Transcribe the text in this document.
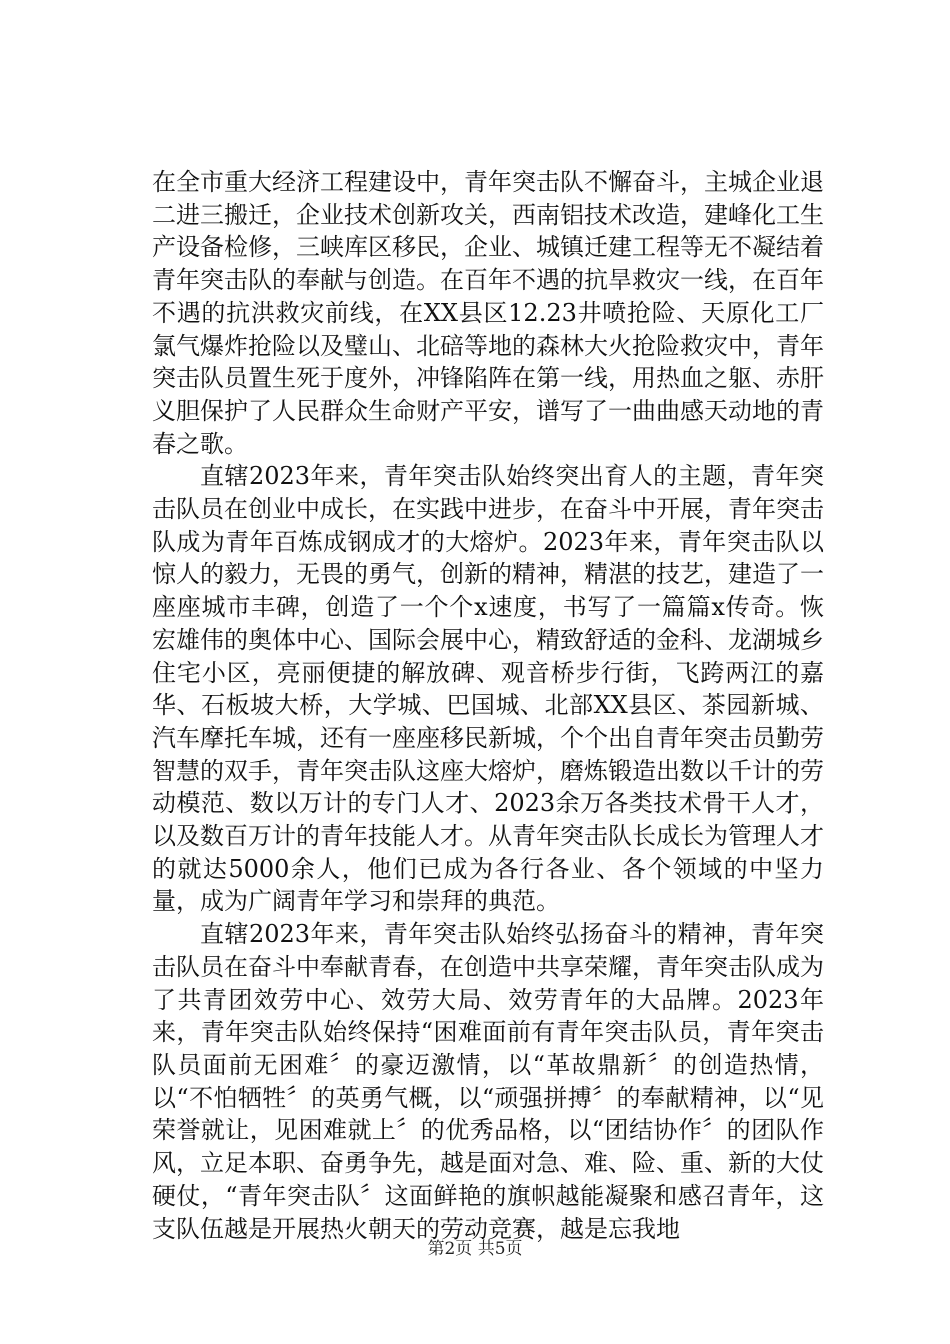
在全市重大经济工程建设中，青年突击队不懈奋斗，主城企业退二进三搬迁，企业技术创新攻关，西南铝技术改造，建峰化工生产设备检修，三峡库区移民，企业、城镇迁建工程等无不凝结着青年突击队的奉献与创造。在百年不遇的抗旱救灾一线，在百年不遇的抗洪救灾前线，在XX县区12.23井喷抢险、天原化工厂氯气爆炸抢险以及璧山、北碚等地的森林大火抢险救灾中，青年突击队员置生死于度外，冲锋陷阵在第一线，用热血之躯、赤肝义胆保护了人民群众生命财产平安，谱写了一曲曲感天动地的青春之歌。

直辖2023年来，青年突击队始终突出育人的主题，青年突击队员在创业中成长，在实践中进步，在奋斗中开展，青年突击队成为青年百炼成钢成才的大熔炉。2023年来，青年突击队以惊人的毅力，无畏的勇气，创新的精神，精湛的技艺，建造了一座座城市丰碑，创造了一个个x速度，书写了一篇篇x传奇。恢宏雄伟的奥体中心、国际会展中心，精致舒适的金科、龙湖城乡住宅小区，亮丽便捷的解放碑、观音桥步行街，飞跨两江的嘉华、石板坡大桥，大学城、巴国城、北部XX县区、茶园新城、汽车摩托车城，还有一座座移民新城，个个出自青年突击员勤劳智慧的双手，青年突击队这座大熔炉，磨炼锻造出数以千计的劳动模范、数以万计的专门人才、2023余万各类技术骨干人才，以及数百万计的青年技能人才。从青年突击队长成长为管理人才的就达5000余人，他们已成为各行各业、各个领域的中坚力量，成为广阔青年学习和崇拜的典范。

直辖2023年来，青年突击队始终弘扬奋斗的精神，青年突击队员在奋斗中奉献青春，在创造中共享荣耀，青年突击队成为了共青团效劳中心、效劳大局、效劳青年的大品牌。2023年来，青年突击队始终保持“困难面前有青年突击队员，青年突击队员面前无困难〞的豪迈激情，以“革故鼎新〞的创造热情，以“不怕牺牲〞的英勇气概，以“顽强拼搏〞的奉献精神，以“见荣誉就让，见困难就上〞的优秀品格，以“团结协作〞的团队作风，立足本职、奋勇争先，越是面对急、难、险、重、新的大仗硬仗，“青年突击队〞这面鲜艳的旗帜越能凝聚和感召青年，这支队伍越是开展热火朝天的劳动竞赛，越是忘我地

第2页 共5页
